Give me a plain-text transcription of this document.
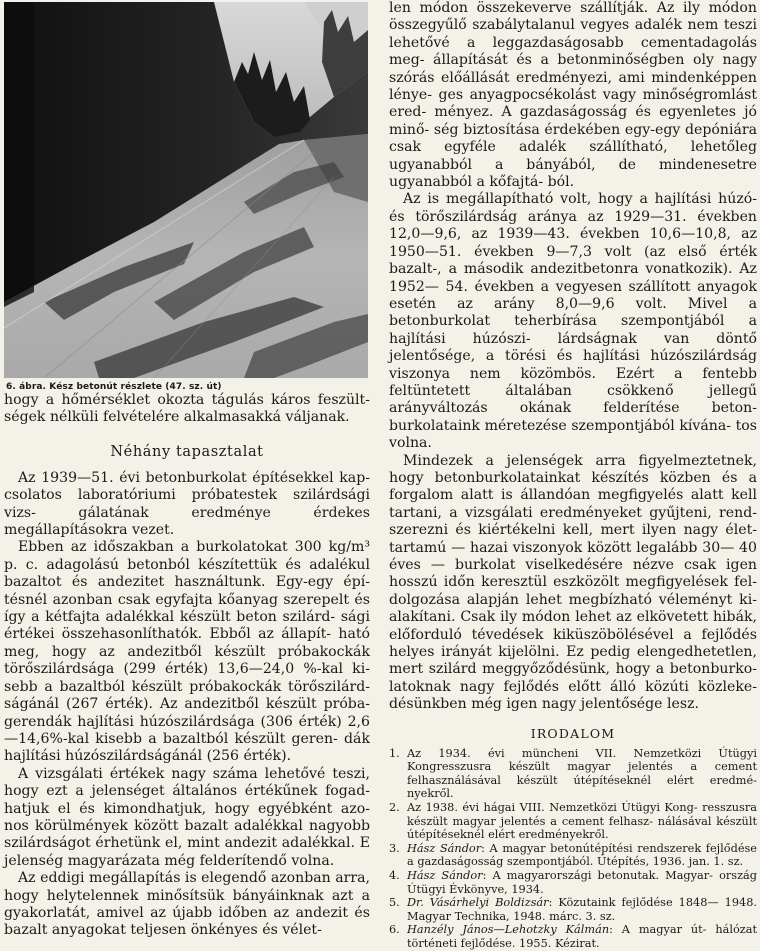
6. ábra. Kész betonút részlete (47. sz. út)

hogy a hőmérséklet okozta tágulás káros feszült- ségek nélküli felvételére alkalmasakká váljanak.

Néhány tapasztalat

Az 1939—51. évi betonburkolat építésekkel kap- csolatos laboratóriumi próbatestek szilárdsági vizs- gálatának eredménye érdekes megállapításokra vezet.

Ebben az időszakban a burkolatokat 300 kg/m³ p. c. adagolású betonból készítettük és adalékul bazaltot és andezitet használtunk. Egy-egy épí- tésnél azonban csak egyfajta kőanyag szerepelt és így a kétfajta adalékkal készült beton szilárd- sági értékei összehasonlíthatók. Ebből az állapít- ható meg, hogy az andezitből készült próbakockák törőszilárdsága (299 érték) 13,6—24,0 %-kal ki- sebb a bazaltból készült próbakockák törőszilárd- ságánál (267 érték). Az andezitből készült próba- gerendák hajlítási húzószilárdsága (306 érték) 2,6—14,6%-kal kisebb a bazaltból készült geren- dák hajlítási húzószilárdságánál (256 érték).

A vizsgálati értékek nagy száma lehetővé teszi, hogy ezt a jelenséget általános értékűnek fogad- hatjuk el és kimondhatjuk, hogy egyébként azo- nos körülmények között bazalt adalékkal nagyobb szilárdságot érhetünk el, mint andezit adalékkal. E jelenség magyarázata még felderítendő volna.

Az eddigi megállapítás is elegendő azonban arra, hogy helytelennek minősítsük bányáinknak azt a gyakorlatát, amivel az újabb időben az andezit és bazalt anyagokat teljesen önkényes és vélet-

len módon összekeverve szállítják. Az ily módon összegyűlő szabálytalanul vegyes adalék nem teszi lehetővé a leggazdaságosabb cementadagolás meg- állapítását és a betonminőségben oly nagy szórás előállását eredményezi, ami mindenképpen lénye- ges anyagpocsékolást vagy minőségromlást ered- ményez. A gazdaságosság és egyenletes jó minő- ség biztosítása érdekében egy-egy depóniára csak egyféle adalék szállítható, lehetőleg ugyanabból a bányából, de mindenesetre ugyanabból a kőfajtá- ból.

Az is megállapítható volt, hogy a hajlítási húzó- és törőszilárdság aránya az 1929—31. években 12,0—9,6, az 1939—43. években 10,6—10,8, az 1950—51. években 9—7,3 volt (az első érték bazalt-, a második andezitbetonra vonatkozik). Az 1952— 54. években a vegyesen szállított anyagok esetén az arány 8,0—9,6 volt. Mivel a betonburkolat teherbírása szempontjából a hajlítási húzószi- lárdságnak van döntő jelentősége, a törési és hajlítási húzószilárdság viszonya nem közömbös. Ezért a fentebb feltüntetett általában csökkenő jellegű arányváltozás okának felderítése beton- burkolataink méretezése szempontjából kívána- tos volna.

Mindezek a jelenségek arra figyelmeztetnek, hogy betonburkolatainkat készítés közben és a forgalom alatt is állandóan megfigyelés alatt kell tartani, a vizsgálati eredményeket gyűjteni, rend- szerezni és kiértékelni kell, mert ilyen nagy élet- tartamú — hazai viszonyok között legalább 30— 40 éves — burkolat viselkedésére nézve csak igen hosszú időn keresztül eszközölt megfigyelések fel- dolgozása alapján lehet megbízható véleményt ki- alakítani. Csak ily módon lehet az elkövetett hibák, előforduló tévedések kiküszöbölésével a fejlődés helyes irányát kijelölni. Ez pedig elengedhetetlen, mert szilárd meggyőződésünk, hogy a betonburko- latoknak nagy fejlődés előtt álló közúti közleke- désünkben még igen nagy jelentősége lesz.

IRODALOM
1. Az 1934. évi müncheni VII. Nemzetközi Útügyi Kongresszusra készült magyar jelentés a cement felhasználásával készült útépítéseknél elért eredmé- nyekről.
2. Az 1938. évi hágai VIII. Nemzetközi Útügyi Kong- resszusra készült magyar jelentés a cement felhasz- nálásával készült útépítéseknél elért eredményekről.
3. Hász Sándor: A magyar betonútépítési rendszerek fejlődése a gazdaságosság szempontjából. Útépítés, 1936. jan. 1. sz.
4. Hász Sándor: A magyarországi betonutak. Magyar- ország Útügyi Évkönyve, 1934.
5. Dr. Vásárhelyi Boldizsár: Közutaink fejlődése 1848— 1948. Magyar Technika, 1948. márc. 3. sz.
6. Hanzély János—Lehotzky Kálmán: A magyar út- hálózat történeti fejlődése. 1955. Kézirat.
